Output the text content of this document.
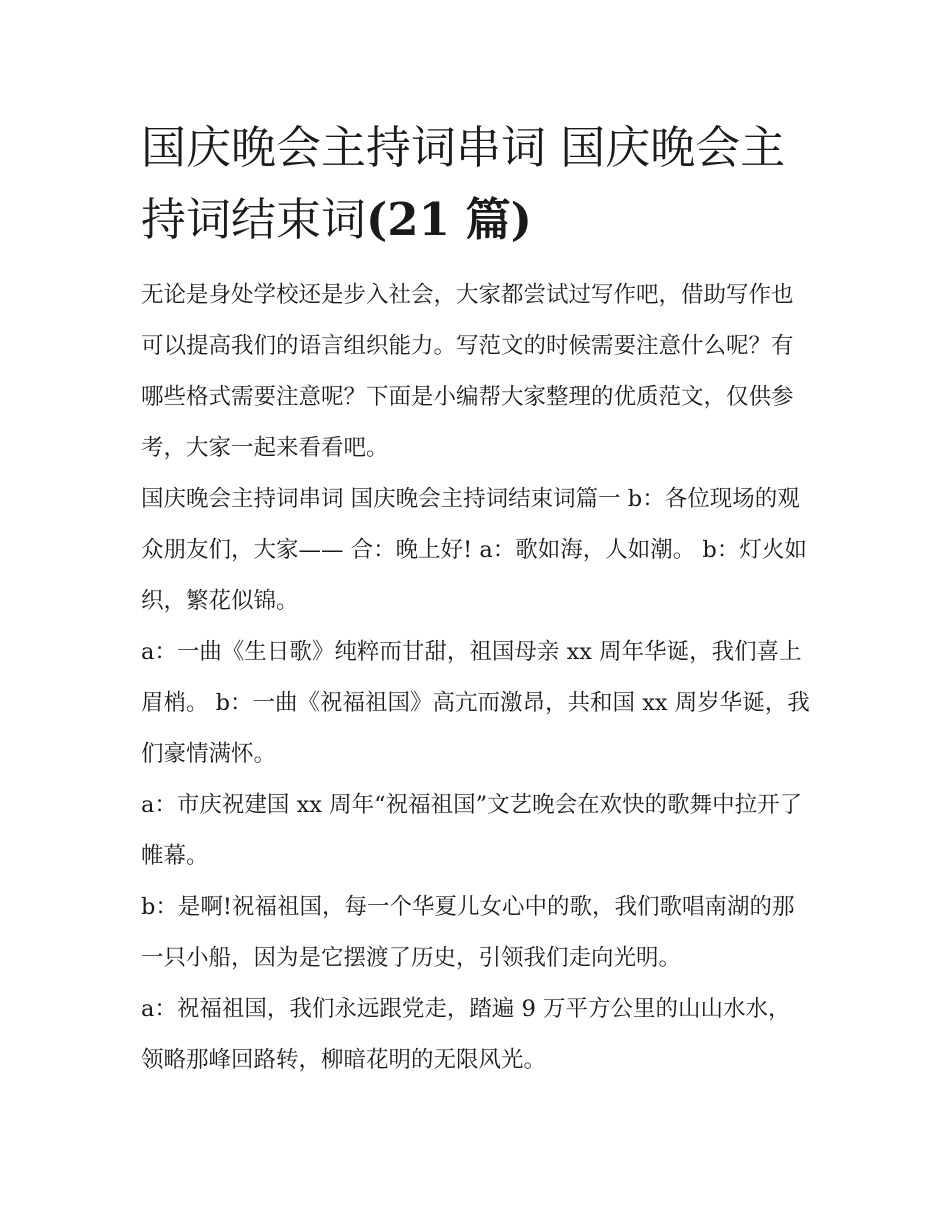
国庆晚会主持词串词 国庆晚会主持词结束词(21 篇)

无论是身处学校还是步入社会，大家都尝试过写作吧，借助写作也可以提高我们的语言组织能力。写范文的时候需要注意什么呢？有哪些格式需要注意呢？下面是小编帮大家整理的优质范文，仅供参考，大家一起来看看吧。

国庆晚会主持词串词 国庆晚会主持词结束词篇一 b：各位现场的观众朋友们，大家—— 合：晚上好! a：歌如海，人如潮。 b：灯火如织，繁花似锦。

a：一曲《生日歌》纯粹而甘甜，祖国母亲 xx 周年华诞，我们喜上眉梢。 b：一曲《祝福祖国》高亢而激昂，共和国 xx 周岁华诞，我们豪情满怀。

a：市庆祝建国 xx 周年“祝福祖国”文艺晚会在欢快的歌舞中拉开了帷幕。

b：是啊!祝福祖国，每一个华夏儿女心中的歌，我们歌唱南湖的那一只小船，因为是它摆渡了历史，引领我们走向光明。

a：祝福祖国，我们永远跟党走，踏遍 9 万平方公里的山山水水，领略那峰回路转，柳暗花明的无限风光。
